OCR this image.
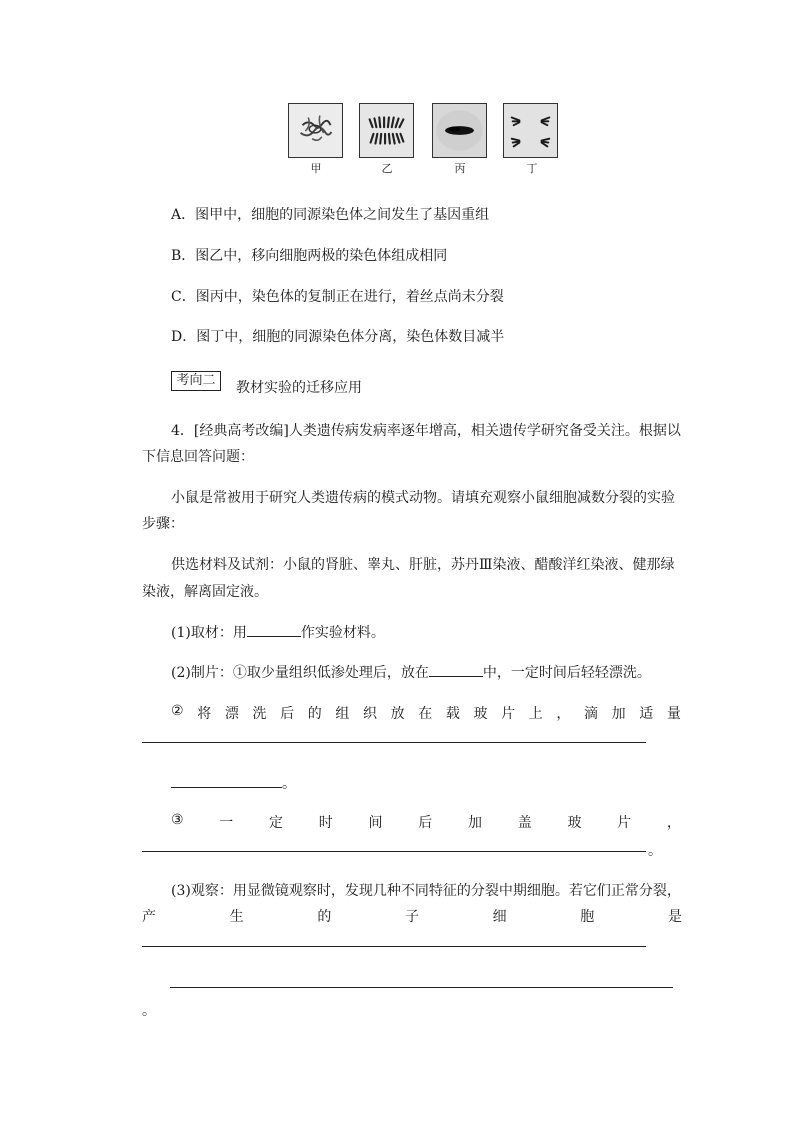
甲	乙	丙	丁
A．图甲中，细胞的同源染色体之间发生了基因重组
B．图乙中，移向细胞两极的染色体组成相同
C．图丙中，染色体的复制正在进行，着丝点尚未分裂
D．图丁中，细胞的同源染色体分离，染色体数目减半
考向二	教材实验的迁移应用
4．[经典高考改编]人类遗传病发病率逐年增高，相关遗传学研究备受关注。根据以
下信息回答问题：
小鼠是常被用于研究人类遗传病的模式动物。请填充观察小鼠细胞减数分裂的实验
步骤：
供选材料及试剂：小鼠的肾脏、睾丸、肝脏，苏丹Ⅲ染液、醋酸洋红染液、健那绿
染液，解离固定液。
(1)取材：用	作实验材料。
(2)制片：①取少量组织低渗处理后，放在	中，一定时间后轻轻漂洗。
② 将 漂 洗 后 的 组 织 放 在 载 玻 片 上 ， 滴 加 适 量
。
③	一	定	时	间	后	加	盖	玻	片	，
。
(3)观察：用显微镜观察时，发现几种不同特征的分裂中期细胞。若它们正常分裂，
产	生	的	子	细	胞	是
。
